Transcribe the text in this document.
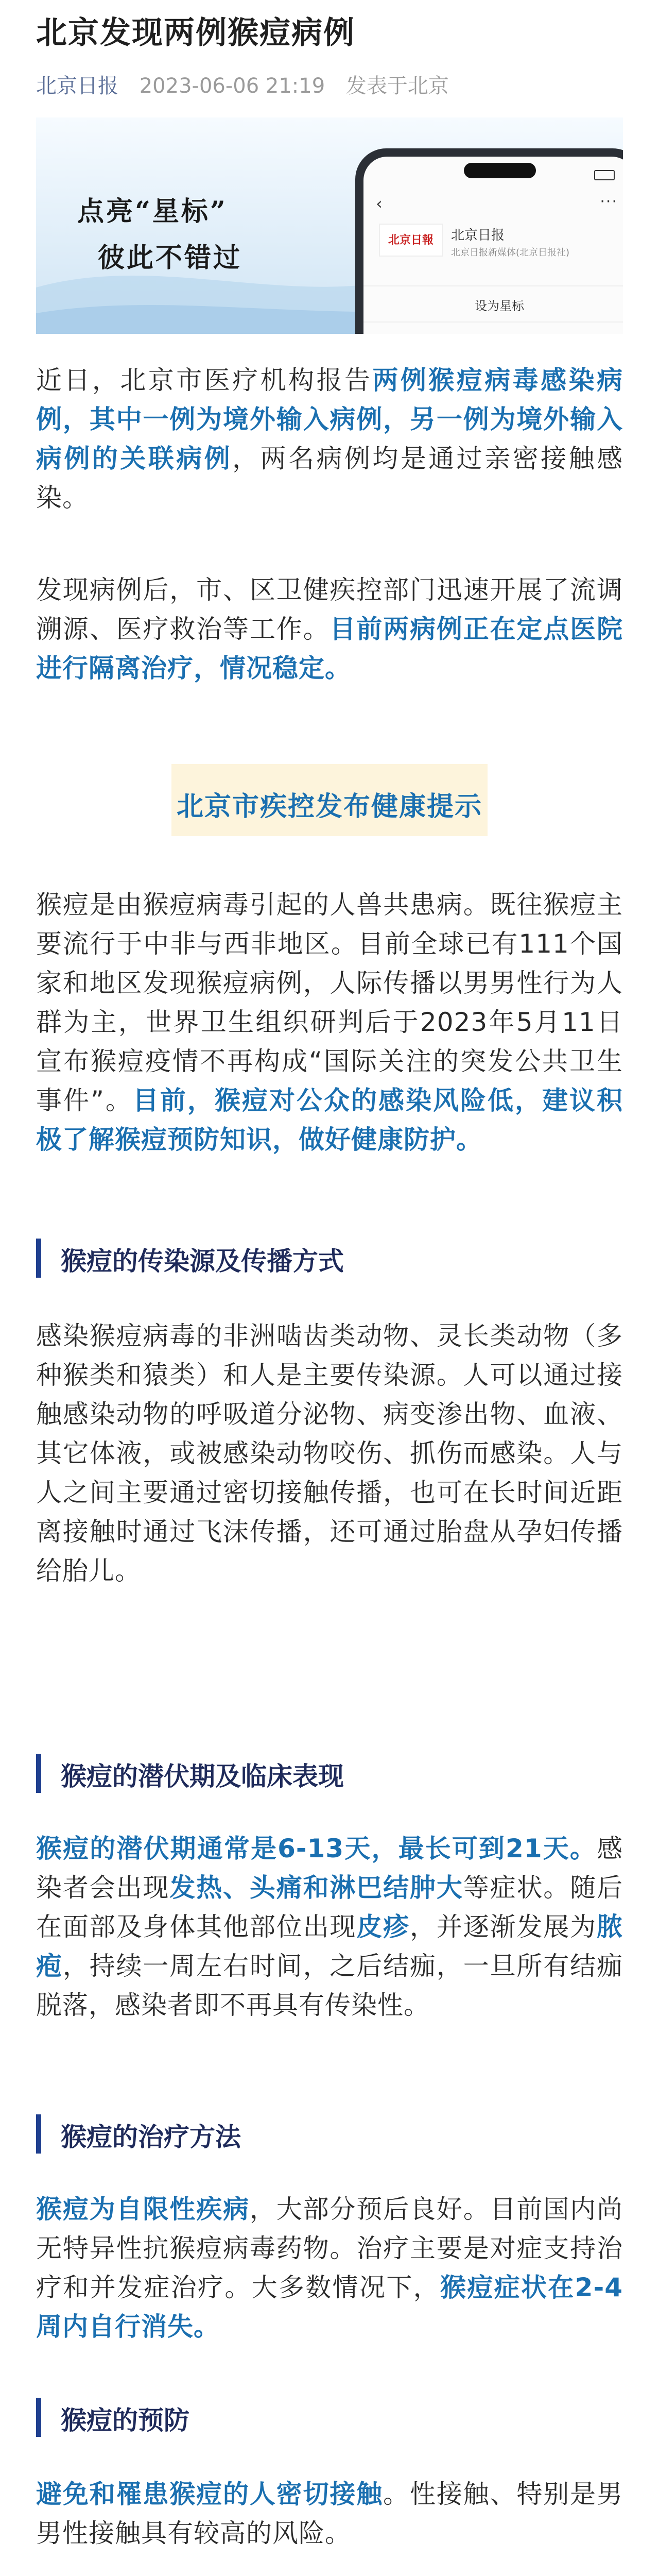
北京发现两例猴痘病例
北京日报 2023-06-06 21:19 发表于北京
点亮“星标”
彼此不错过
‹	···
北京日報	北京日报
北京日报新媒体(北京日报社)
设为星标

近日，北京市医疗机构报告两例猴痘病毒感染病例，其中一例为境外输入病例，另一例为境外输入病例的关联病例，两名病例均是通过亲密接触感染。

发现病例后，市、区卫健疾控部门迅速开展了流调溯源、医疗救治等工作。目前两病例正在定点医院进行隔离治疗，情况稳定。

北京市疾控发布健康提示

猴痘是由猴痘病毒引起的人兽共患病。既往猴痘主要流行于中非与西非地区。目前全球已有111个国家和地区发现猴痘病例，人际传播以男男性行为人群为主，世界卫生组织研判后于2023年5月11日宣布猴痘疫情不再构成“国际关注的突发公共卫生事件”。目前，猴痘对公众的感染风险低，建议积极了解猴痘预防知识，做好健康防护。

猴痘的传染源及传播方式

感染猴痘病毒的非洲啮齿类动物、灵长类动物（多种猴类和猿类）和人是主要传染源。人可以通过接触感染动物的呼吸道分泌物、病变渗出物、血液、其它体液，或被感染动物咬伤、抓伤而感染。人与人之间主要通过密切接触传播，也可在长时间近距离接触时通过飞沫传播，还可通过胎盘从孕妇传播给胎儿。

猴痘的潜伏期及临床表现

猴痘的潜伏期通常是6-13天，最长可到21天。感染者会出现发热、头痛和淋巴结肿大等症状。随后在面部及身体其他部位出现皮疹，并逐渐发展为脓疱，持续一周左右时间，之后结痂，一旦所有结痂脱落，感染者即不再具有传染性。

猴痘的治疗方法

猴痘为自限性疾病，大部分预后良好。目前国内尚无特异性抗猴痘病毒药物。治疗主要是对症支持治疗和并发症治疗。大多数情况下，猴痘症状在2-4周内自行消失。

猴痘的预防

避免和罹患猴痘的人密切接触。性接触、特别是男男性接触具有较高的风险。
